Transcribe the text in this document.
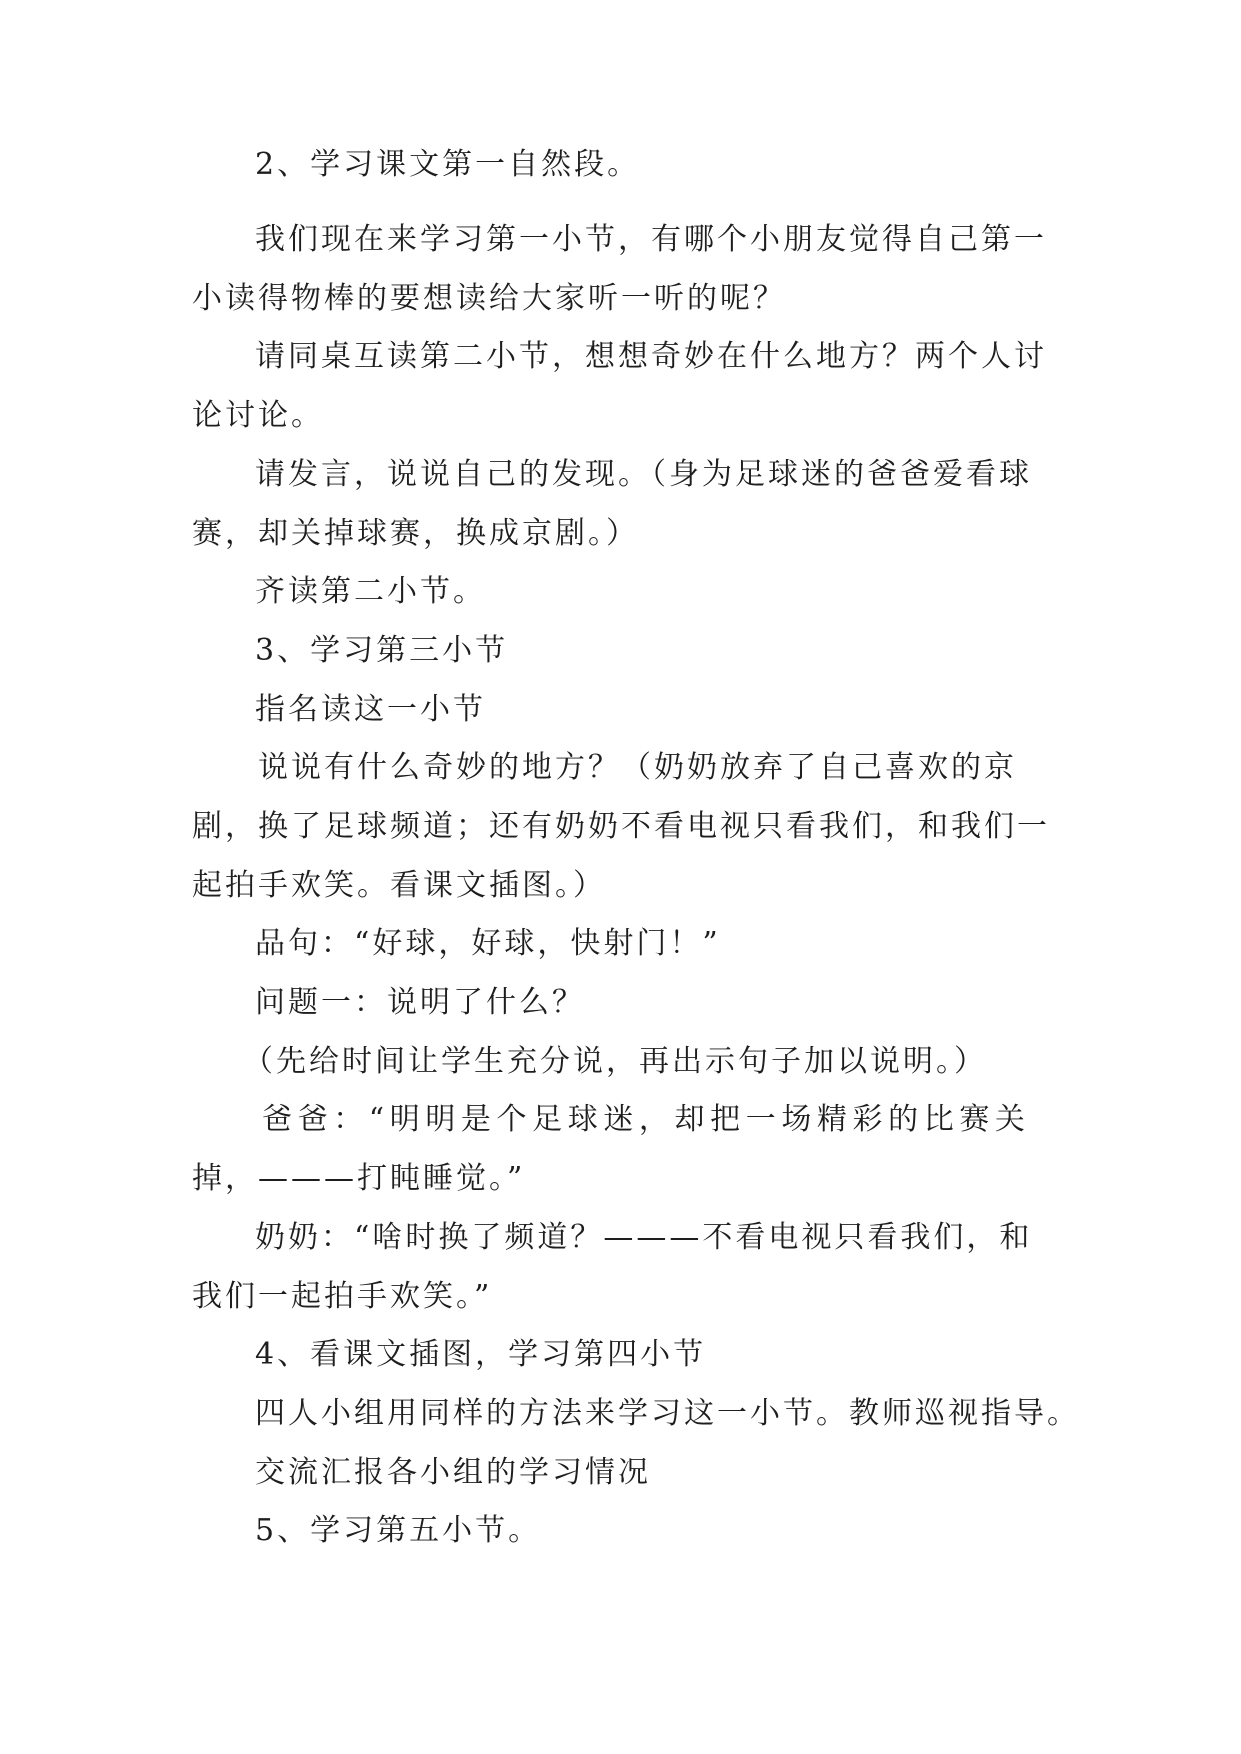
2、学习课文第一自然段。
我们现在来学习第一小节，有哪个小朋友觉得自己第一
小读得物棒的要想读给大家听一听的呢？
请同桌互读第二小节，想想奇妙在什么地方？两个人讨
论讨论。
请发言，说说自己的发现。（身为足球迷的爸爸爱看球
赛，却关掉球赛，换成京剧。）
齐读第二小节。
3、学习第三小节
指名读这一小节
说说有什么奇妙的地方？（奶奶放弃了自己喜欢的京
剧，换了足球频道；还有奶奶不看电视只看我们，和我们一
起拍手欢笑。看课文插图。）
品句：“好球，好球，快射门！”
问题一：说明了什么？
（先给时间让学生充分说，再出示句子加以说明。）
爸爸：“明明是个足球迷，却把一场精彩的比赛关
掉，———打盹睡觉。”
奶奶：“啥时换了频道？———不看电视只看我们，和
我们一起拍手欢笑。”
4、看课文插图，学习第四小节
四人小组用同样的方法来学习这一小节。教师巡视指导。
交流汇报各小组的学习情况
5、学习第五小节。
